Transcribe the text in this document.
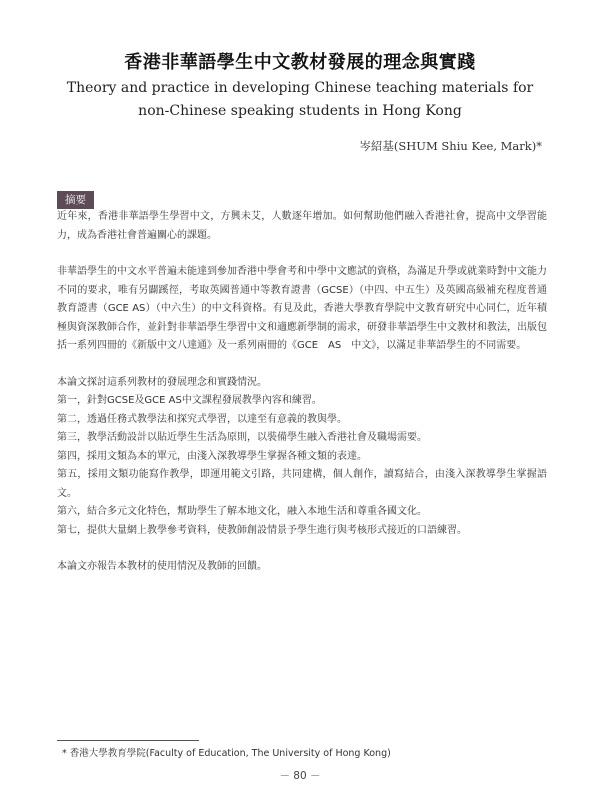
香港非華語學生中文教材發展的理念與實踐
Theory and practice in developing Chinese teaching materials for
non-Chinese speaking students in Hong Kong
岑紹基(SHUM Shiu Kee, Mark)*
摘要

近年來，香港非華語學生學習中文，方興未艾，人數逐年增加。如何幫助他們融入香港社會，提高中文學習能力，成為香港社會普遍關心的課題。

非華語學生的中文水平普遍未能達到參加香港中學會考和中學中文應試的資格，為滿足升學或就業時對中文能力不同的要求，唯有另闢蹊徑，考取英國普通中等教育證書（GCSE）（中四、中五生）及英國高級補充程度普通教育證書（GCE AS）（中六生）的中文科資格。有見及此，香港大學教育學院中文教育研究中心同仁，近年積極與資深教師合作，並針對非華語學生學習中文和適應新學制的需求，研發非華語學生中文教材和教法，出版包括一系列四冊的《新版中文八達通》及一系列兩冊的《GCE　AS　中文》，以滿足非華語學生的不同需要。

本論文探討這系列教材的發展理念和實踐情況。

第一，針對GCSE及GCE AS中文課程發展教學內容和練習。

第二，透過任務式教學法和探究式學習，以達至有意義的教與學。

第三，教學活動設計以貼近學生生活為原則，以裝備學生融入香港社會及職場需要。

第四，採用文類為本的單元，由淺入深教導學生掌握各種文類的表達。

第五，採用文類功能寫作教學，即運用範文引路，共同建構，個人創作，讀寫結合，由淺入深教導學生掌握語文。

第六，結合多元文化特色，幫助學生了解本地文化，融入本地生活和尊重各國文化。

第七，提供大量網上教學參考資料，使教師創設情景予學生進行與考核形式接近的口語練習。

本論文亦報告本教材的使用情況及教師的回饋。

* 香港大學教育學院(Faculty of Education, The University of Hong Kong)
－ 80 －
